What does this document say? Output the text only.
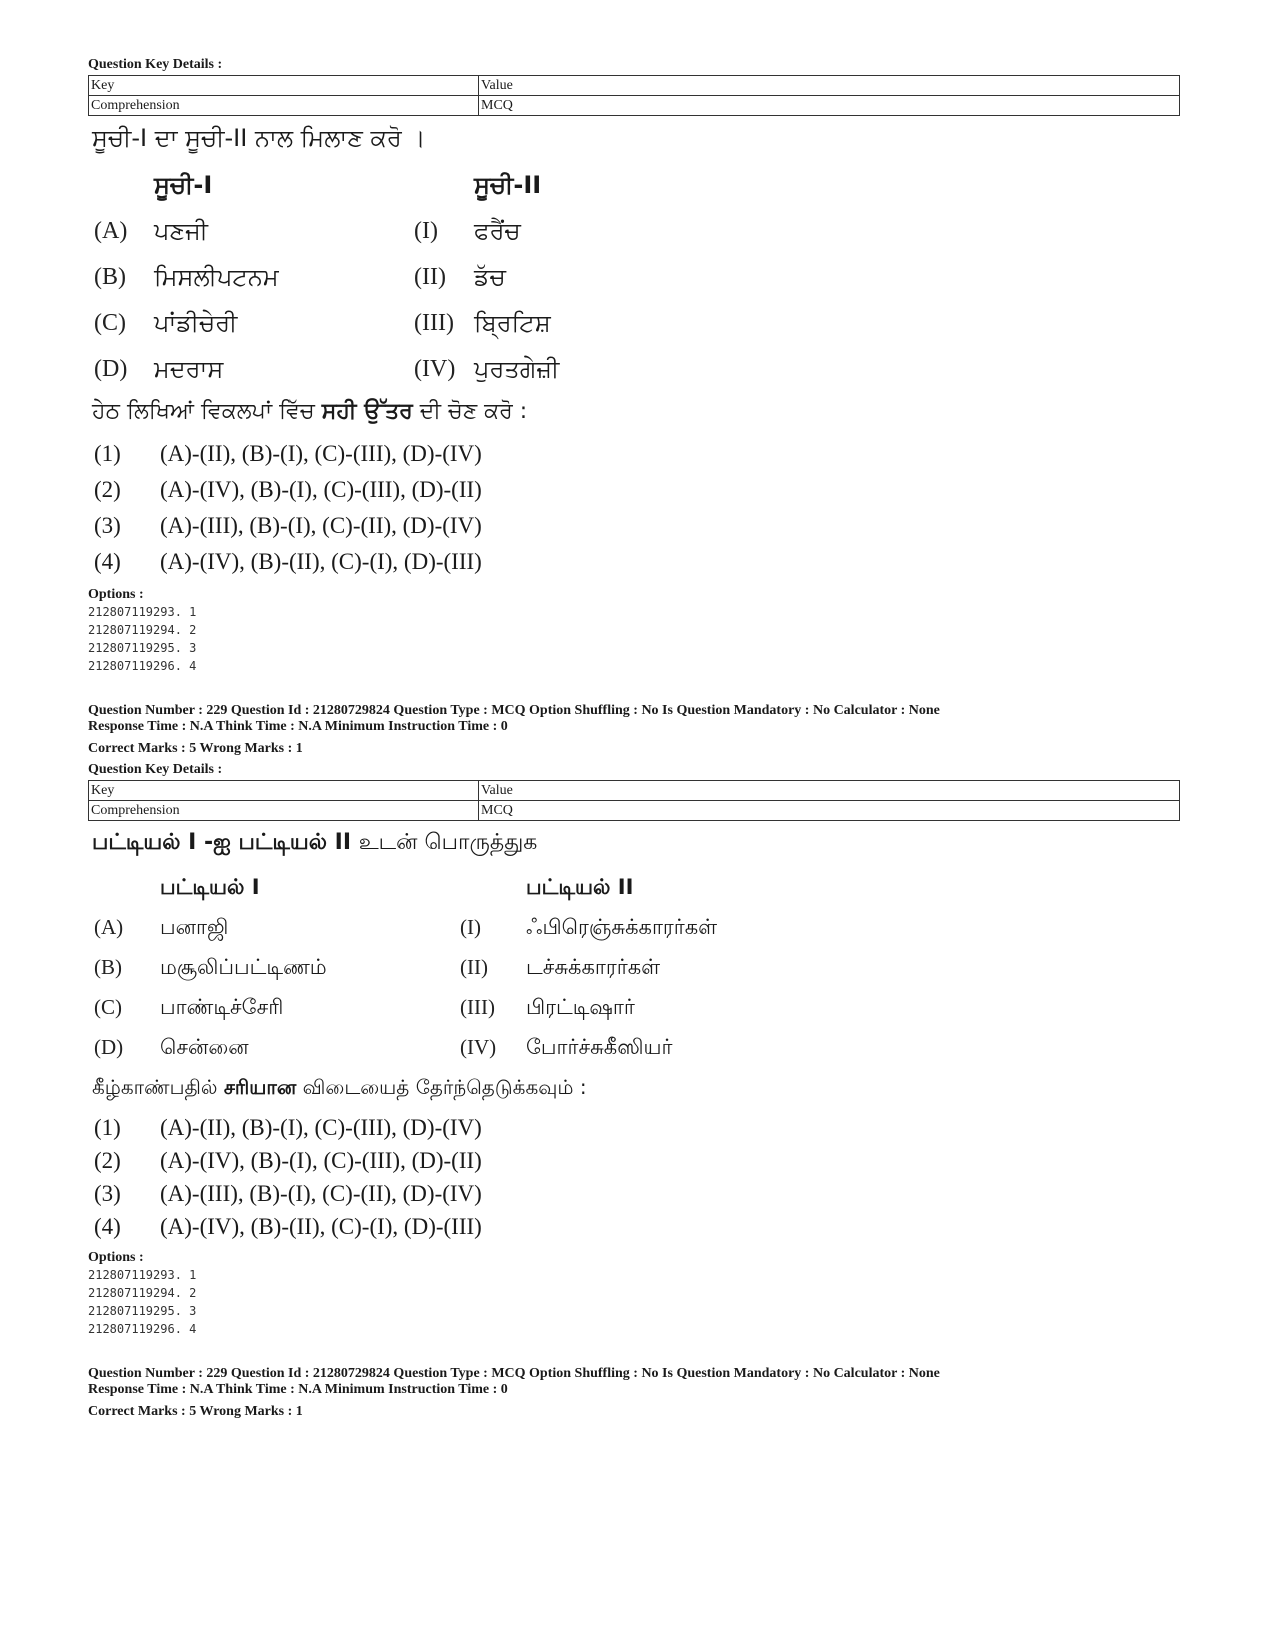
Question Key Details :
Key	Value
Comprehension	MCQ
ਸੂਚੀ-I ਦਾ ਸੂਚੀ-II ਨਾਲ ਮਿਲਾਣ ਕਰੋ ।
ਸੂਚੀ-I	ਸੂਚੀ-II
(A)	ਪਣਜੀ	(I)	ਫਰੈਂਚ
(B)	ਮਿਸਲੀਪਟਨਮ	(II)	ਡੱਚ
(C)	ਪਾਂਡੀਚੇਰੀ	(III) ਬ੍ਰਿਟਿਸ਼
(D)	ਮਦਰਾਸ	(IV) ਪੁਰਤਗੇਜ਼ੀ
ਹੇਠ ਲਿਖਿਆਂ ਵਿਕਲਪਾਂ ਵਿੱਚ ਸਹੀ ਉੱਤਰ ਦੀ ਚੋਣ ਕਰੋ :
(1) (A)-(II), (B)-(I), (C)-(III), (D)-(IV)
(2) (A)-(IV), (B)-(I), (C)-(III), (D)-(II)
(3) (A)-(III), (B)-(I), (C)-(II), (D)-(IV)
(4) (A)-(IV), (B)-(II), (C)-(I), (D)-(III)
Options :
212807119293. 1
212807119294. 2
212807119295. 3
212807119296. 4
Question Number : 229 Question Id : 21280729824 Question Type : MCQ Option Shuffling : No Is Question Mandatory : No Calculator : None
Response Time : N.A Think Time : N.A Minimum Instruction Time : 0
Correct Marks : 5 Wrong Marks : 1
Question Key Details :
Key	Value
Comprehension	MCQ
பட்டியல் I -ஐ பட்டியல் II உடன் பொருத்துக
பட்டியல் I	பட்டியல் II
(A)	பனாஜி	(I)	ஃபிரெஞ்சுக்காரர்கள்
(B)	மசூலிப்பட்டிணம்	(II)	டச்சுக்காரர்கள்
(C)	பாண்டிச்சேரி	(III)	பிரட்டிஷார்
(D)	சென்னை	(IV)	போர்ச்சுகீஸியர்
கீழ்காண்பதில் சரியான விடையைத் தேர்ந்தெடுக்கவும் :
(1) (A)-(II), (B)-(I), (C)-(III), (D)-(IV)
(2) (A)-(IV), (B)-(I), (C)-(III), (D)-(II)
(3) (A)-(III), (B)-(I), (C)-(II), (D)-(IV)
(4) (A)-(IV), (B)-(II), (C)-(I), (D)-(III)
Options :
212807119293. 1
212807119294. 2
212807119295. 3
212807119296. 4
Question Number : 229 Question Id : 21280729824 Question Type : MCQ Option Shuffling : No Is Question Mandatory : No Calculator : None
Response Time : N.A Think Time : N.A Minimum Instruction Time : 0
Correct Marks : 5 Wrong Marks : 1
